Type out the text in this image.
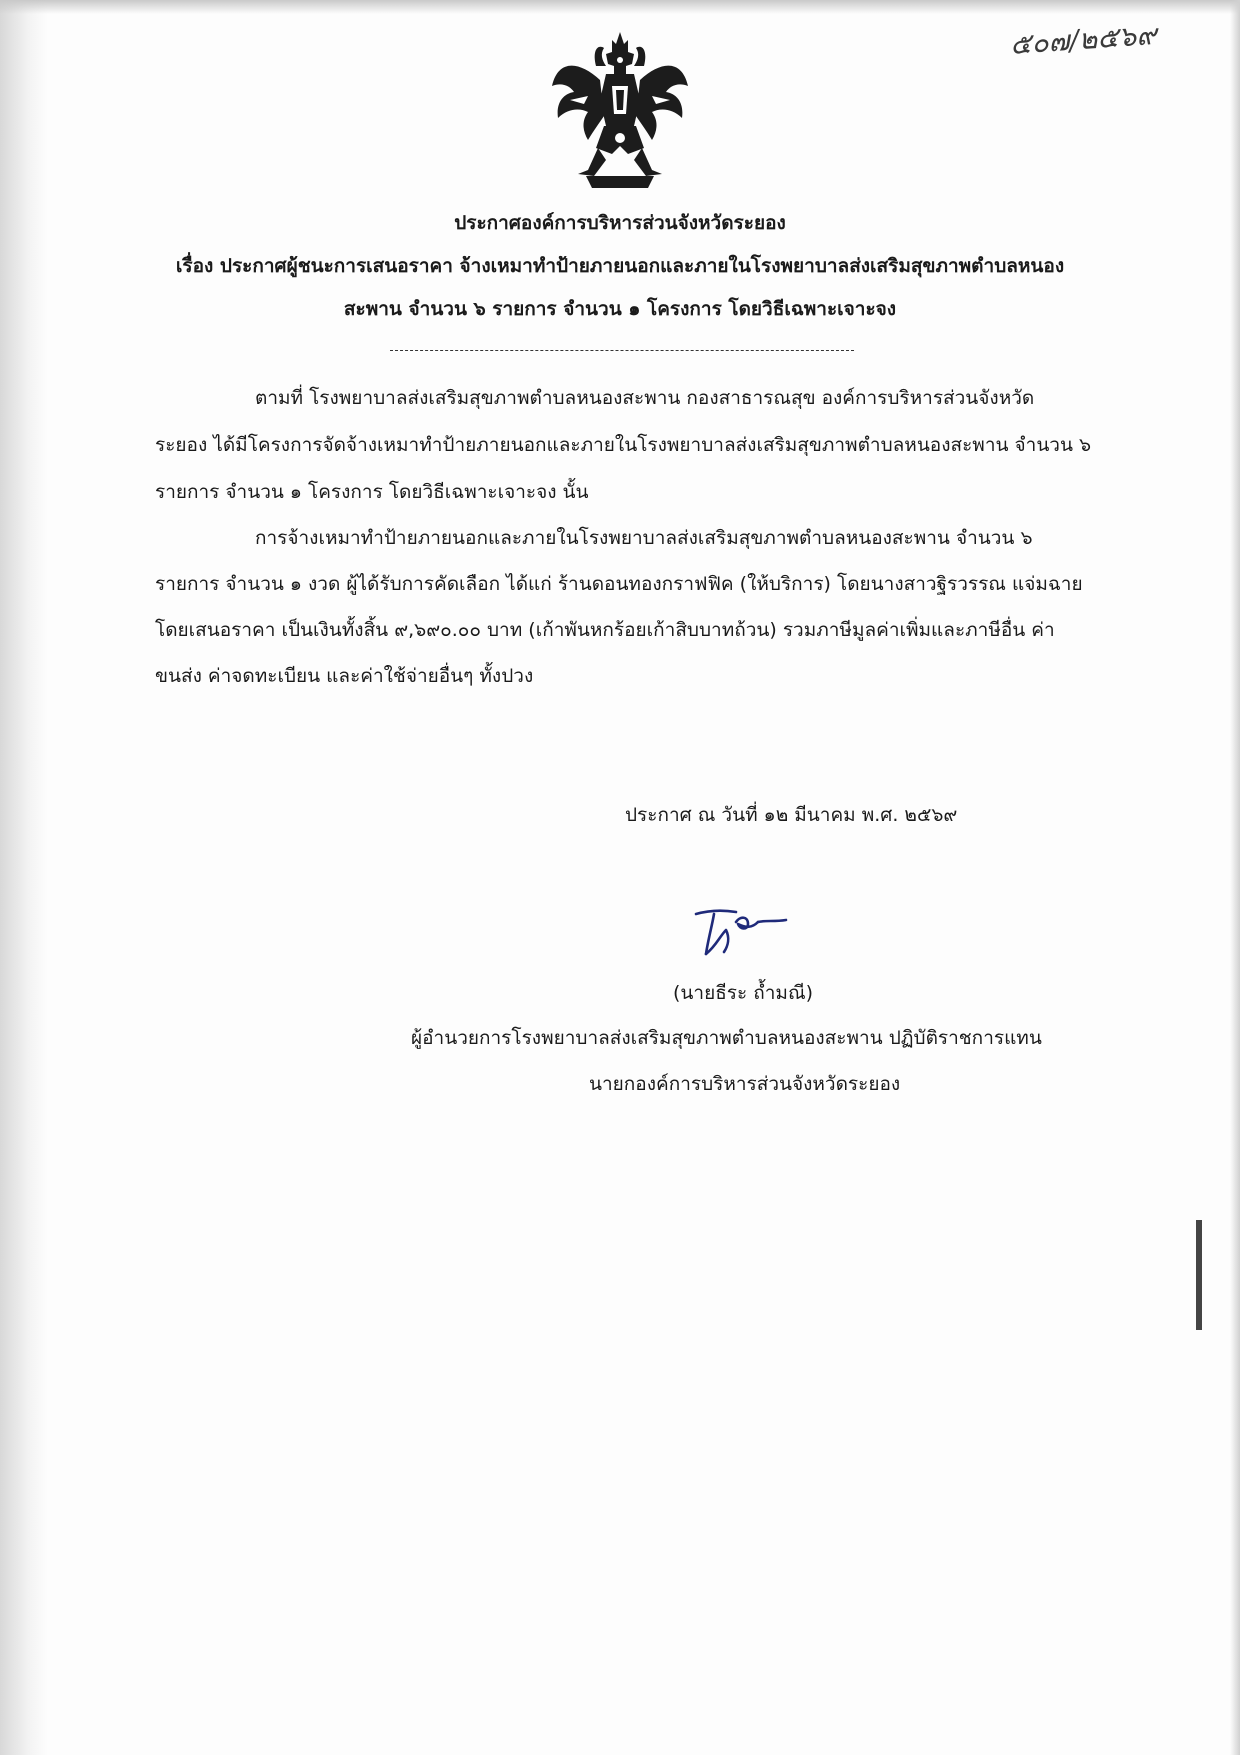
๕๐๗/๒๕๖๙
ประกาศองค์การบริหารส่วนจังหวัดระยอง
เรื่อง ประกาศผู้ชนะการเสนอราคา จ้างเหมาทำป้ายภายนอกและภายในโรงพยาบาลส่งเสริมสุขภาพตำบลหนอง
สะพาน จำนวน ๖ รายการ จำนวน ๑ โครงการ โดยวิธีเฉพาะเจาะจง
ตามที่ โรงพยาบาลส่งเสริมสุขภาพตำบลหนองสะพาน กองสาธารณสุข องค์การบริหารส่วนจังหวัด
ระยอง ได้มีโครงการจัดจ้างเหมาทำป้ายภายนอกและภายในโรงพยาบาลส่งเสริมสุขภาพตำบลหนองสะพาน จำนวน ๖
รายการ จำนวน ๑ โครงการ โดยวิธีเฉพาะเจาะจง นั้น
การจ้างเหมาทำป้ายภายนอกและภายในโรงพยาบาลส่งเสริมสุขภาพตำบลหนองสะพาน จำนวน ๖
รายการ จำนวน ๑ งวด ผู้ได้รับการคัดเลือก ได้แก่ ร้านดอนทองกราฟฟิค (ให้บริการ) โดยนางสาวฐิรวรรณ แจ่มฉาย
โดยเสนอราคา เป็นเงินทั้งสิ้น ๙,๖๙๐.๐๐ บาท (เก้าพันหกร้อยเก้าสิบบาทถ้วน) รวมภาษีมูลค่าเพิ่มและภาษีอื่น ค่า
ขนส่ง ค่าจดทะเบียน และค่าใช้จ่ายอื่นๆ ทั้งปวง
ประกาศ ณ วันที่ ๑๒ มีนาคม พ.ศ. ๒๕๖๙
(นายธีระ ถ้ำมณี)
ผู้อำนวยการโรงพยาบาลส่งเสริมสุขภาพตำบลหนองสะพาน ปฏิบัติราชการแทน
นายกองค์การบริหารส่วนจังหวัดระยอง
